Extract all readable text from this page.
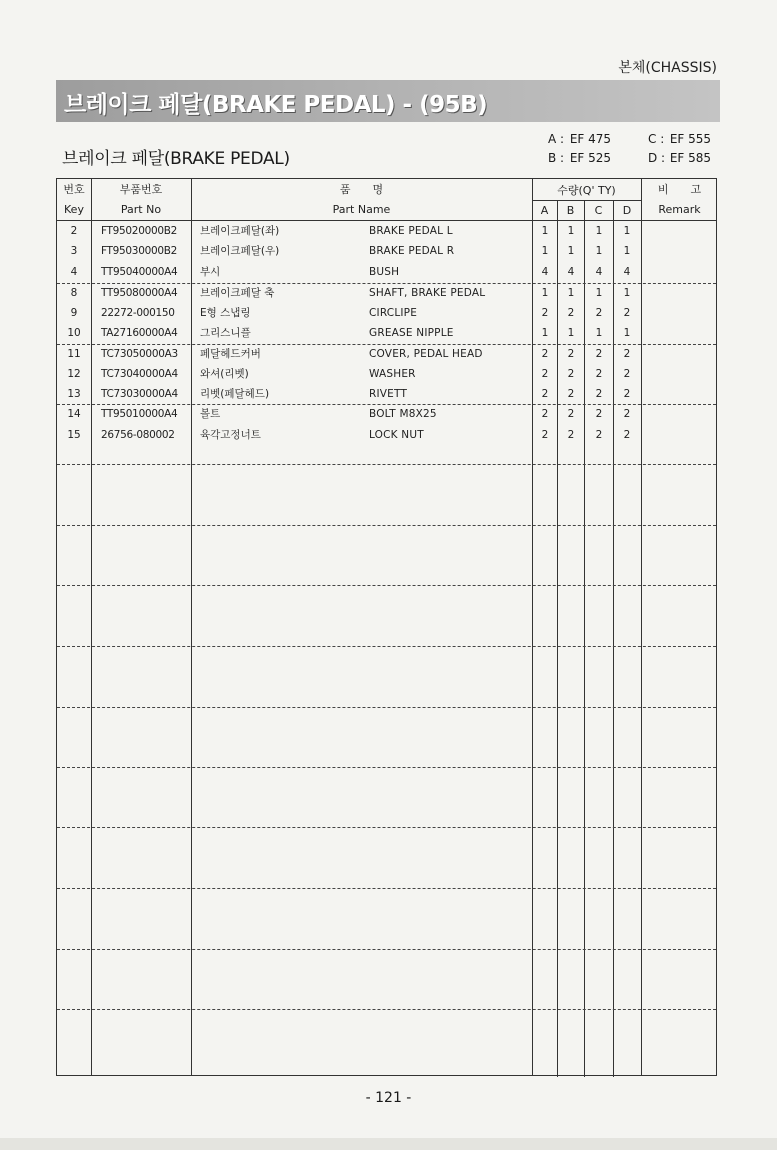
본체(CHASSIS)
브레이크 페달(BRAKE PEDAL) - (95B)
브레이크 페달(BRAKE PEDAL)
A : EF 475
B : EF 525
C : EF 555
D : EF 585
번호
Key
부품번호
Part No
품　　명
Part Name
수량(Q' TY)
A	B	C	D
비　　고
Remark
2	FT95020000B2	브레이크페달(좌)	BRAKE PEDAL L	1	1	1	1
3	FT95030000B2	브레이크페달(우)	BRAKE PEDAL R	1	1	1	1
4	TT95040000A4	부시	BUSH	4	4	4	4
8	TT95080000A4	브레이크페달 축	SHAFT, BRAKE PEDAL	1	1	1	1
9	22272-000150	E형 스냅링	CIRCLIPE	2	2	2	2
10	TA27160000A4	그리스니플	GREASE NIPPLE	1	1	1	1
11	TC73050000A3	페달헤드커버	COVER, PEDAL HEAD	2	2	2	2
12	TC73040000A4	와셔(리벳)	WASHER	2	2	2	2
13	TC73030000A4	리벳(페달헤드)	RIVETT	2	2	2	2
14	TT95010000A4	볼트	BOLT M8X25	2	2	2	2
15	26756-080002	육각고정너트	LOCK NUT	2	2	2	2
- 121 -
